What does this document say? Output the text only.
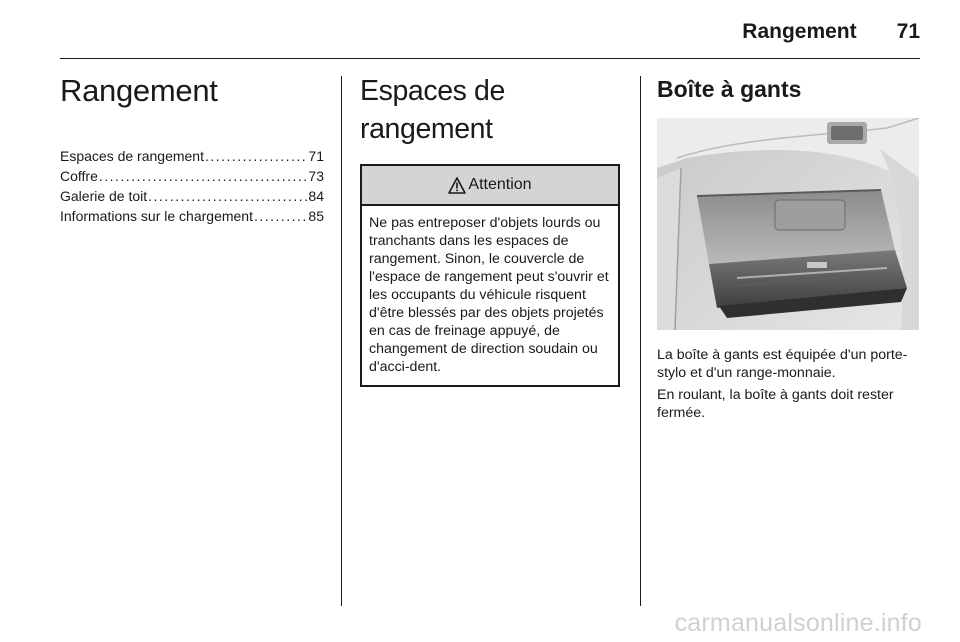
Rangement 71
Rangement
Espaces de rangement . . .	71
Coffre . . .	73
Galerie de toit . . .	84
Informations sur le chargement . . .	85
Espaces de rangement
Attention
Ne pas entreposer d'objets lourds ou tranchants dans les espaces de rangement. Sinon, le couvercle de l'espace de rangement peut s'ouvrir et les occupants du véhicule risquent d'être blessés par des objets projetés en cas de freinage appuyé, de changement de direction soudain ou d'acci-dent.
Boîte à gants

La boîte à gants est équipée d'un porte-stylo et d'un range-monnaie.

En roulant, la boîte à gants doit rester fermée.

carmanualsonline.info
